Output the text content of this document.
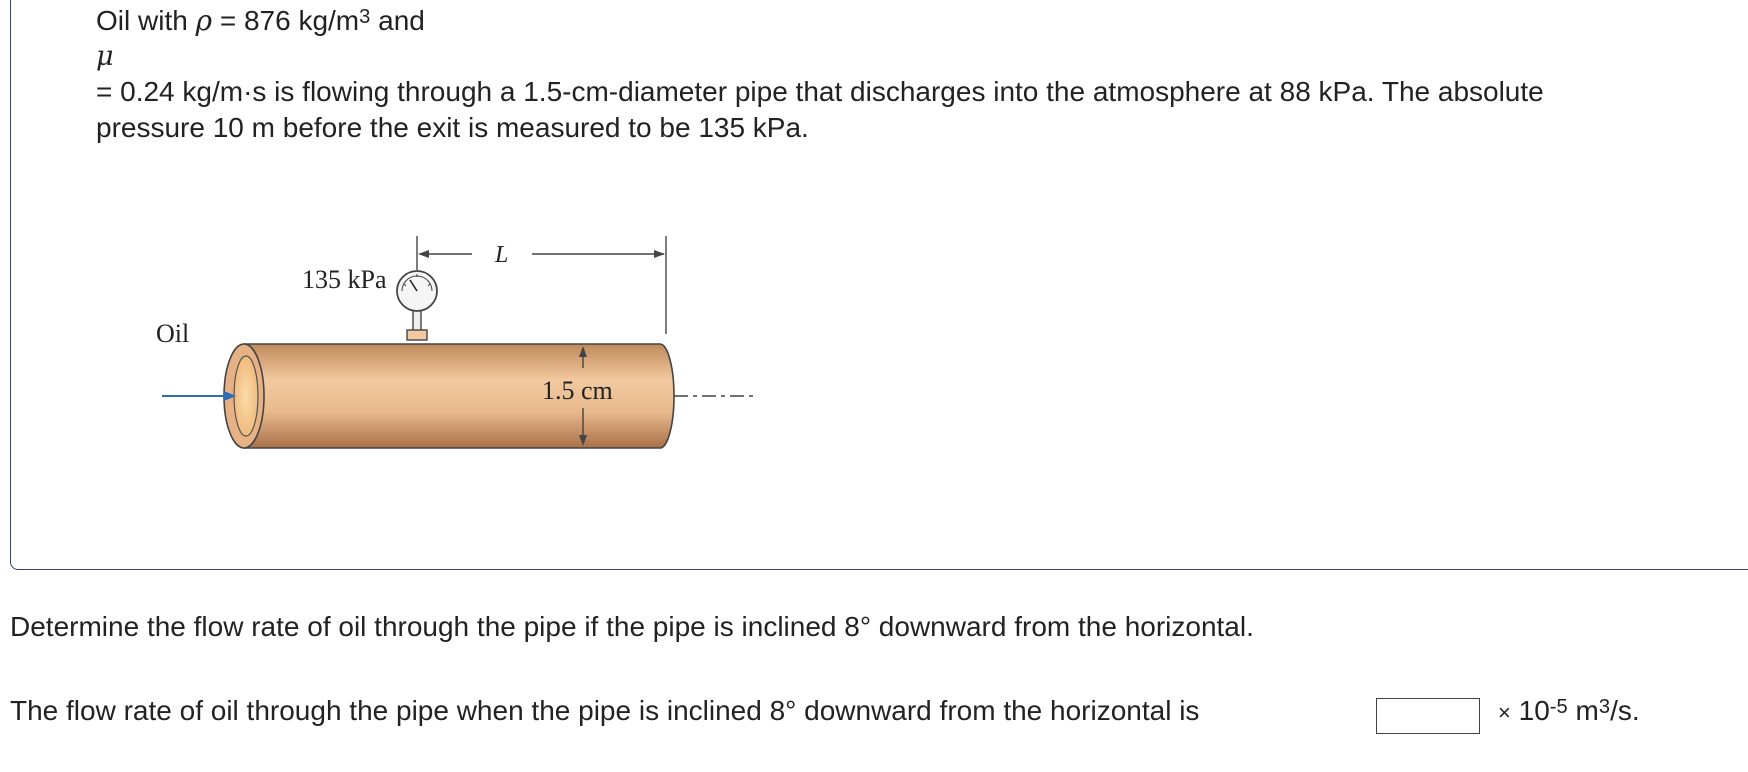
Oil with ρ = 876 $kg/m^3$ and
μ
= 0.24 kg/m·s is flowing through a 1.5-cm-diameter pipe that discharges into the atmosphere at 88 kPa. The absolute
pressure 10 m before the exit is measured to be 135 kPa.
Oil
135 kPa
L
1.5 cm
Determine the flow rate of oil through the pipe if the pipe is inclined 8° downward from the horizontal.
The flow rate of oil through the pipe when the pipe is inclined 8° downward from the horizontal is	× $10^{-5}$ $m^3/s$.
